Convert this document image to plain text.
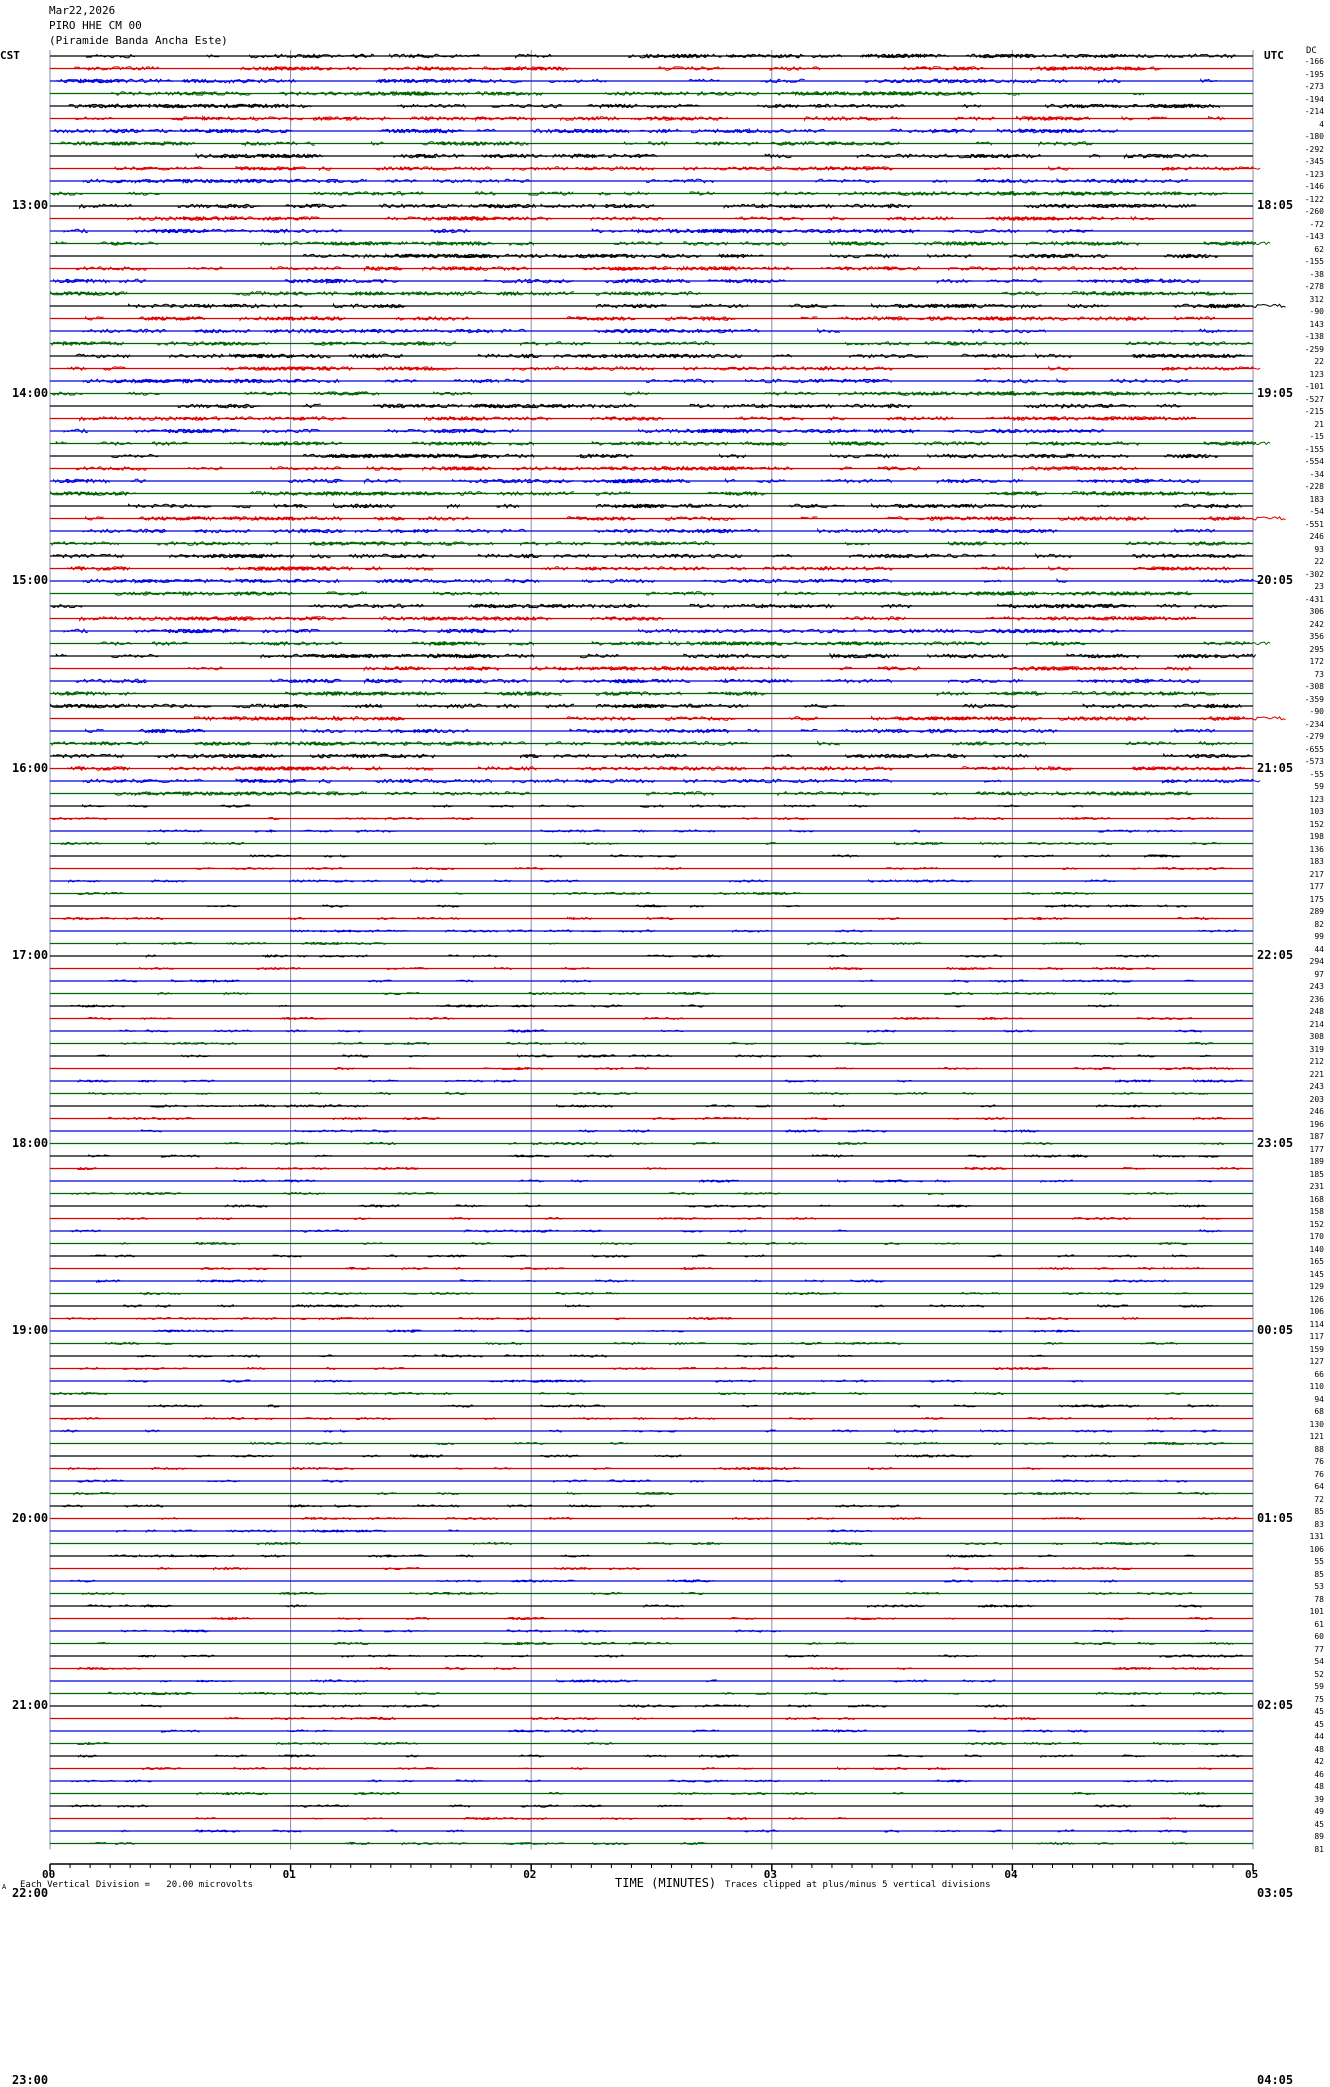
Mar22,2026
PIRO HHE CM 00
(Piramide Banda Ancha Este)
CST	UTC DC
-166
-195
-273
-194
-214
4
-180
-292
-345
-123
-146
-122
-260
-72
-143
62
-155
-38
-278
312
-90
143
-138
-259
22
123
-101
-527
-215
21
-15
-155
-554
-34
-228
183
-54
-551
246
93
22
-302
23
-431
306
242
356
295
172
73
-308
-359
-90
-234
-279
-655
-573
-55
59
123
103
152
198
136
183
217
177
175
289
82
99
44
294
97
243
236
248
214
308
319
212
221
243
203
246
196
187
177
189
185
231
168
158
152
170
140
165
145
129
126
106
114
117
159
127
66
110
94
68
130
121
88
76
76
64
72
85
83
131
106
55
85
53
78
101
61
60
77
54
52
59
75
45
45
44
48
42
46
48
39
49
45
89
81
13:00	18:05
14:00	19:05
15:00	20:05
16:00	21:05
17:00	22:05
18:00	23:05
19:00	00:05
20:00	01:05
21:00	02:05
22:00	03:05
23:00	04:05
00	01	02	03	04	05
A Each Vertical Division =   20.00 microvolts	TIME (MINUTES) Traces clipped at plus/minus 5 vertical divisions
